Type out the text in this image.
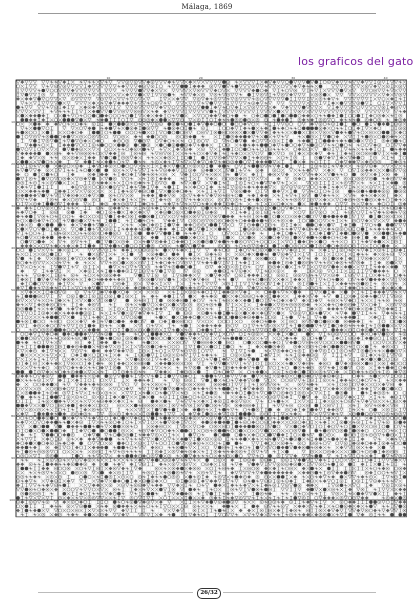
Málaga, 1869
los graficos del gato
10	20	30	40
10
20
30
40
50
60
70
80
90
100
26/32
